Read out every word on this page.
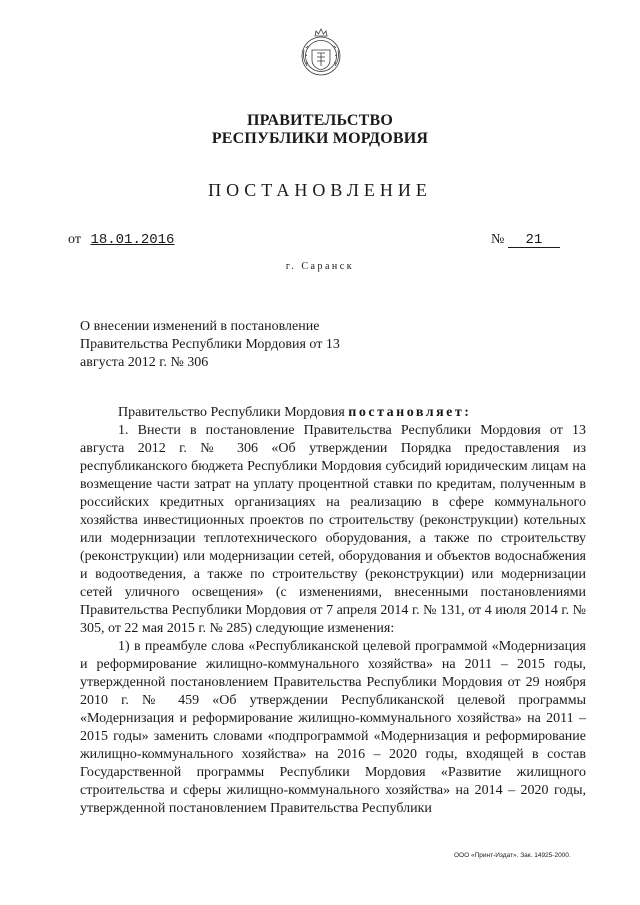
ПРАВИТЕЛЬСТВО
РЕСПУБЛИКИ МОРДОВИЯ
ПОСТАНОВЛЕНИЕ
от 18.01.2016	№ 21
г. Саранск
О внесении изменений в постановление Правительства Республики Мордовия от 13 августа 2012 г. № 306

Правительство Республики Мордовия постановляет:

1. Внести в постановление Правительства Республики Мордовия от 13 августа 2012 г. № 306 «Об утверждении Порядка предоставления из республиканского бюджета Республики Мордовия субсидий юридическим лицам на возмещение части затрат на уплату процентной ставки по кредитам, полученным в российских кредитных организациях на реализацию в сфере коммунального хозяйства инвестиционных проектов по строительству (реконструкции) котельных или модернизации теплотехнического оборудования, а также по строительству (реконструкции) или модернизации сетей, оборудования и объектов водоснабжения и водоотведения, а также по строительству (реконструкции) или модернизации сетей уличного освещения» (с изменениями, внесенными постановлениями Правительства Республики Мордовия от 7 апреля 2014 г. № 131, от 4 июля 2014 г. № 305, от 22 мая 2015 г. № 285) следующие изменения:

1) в преамбуле слова «Республиканской целевой программой «Модернизация и реформирование жилищно-коммунального хозяйства» на 2011 – 2015 годы, утвержденной постановлением Правительства Республики Мордовия от 29 ноября 2010 г. № 459 «Об утверждении Республиканской целевой программы «Модернизация и реформирование жилищно-коммунального хозяйства» на 2011 – 2015 годы» заменить словами «подпрограммой «Модернизация и реформирование жилищно-коммунального хозяйства» на 2016 – 2020 годы, входящей в состав Государственной программы Республики Мордовия «Развитие жилищного строительства и сферы жилищно-коммунального хозяйства» на 2014 – 2020 годы, утвержденной постановлением Правительства Республики

ООО «Принт-Издат». Зак. 14925-2000.
